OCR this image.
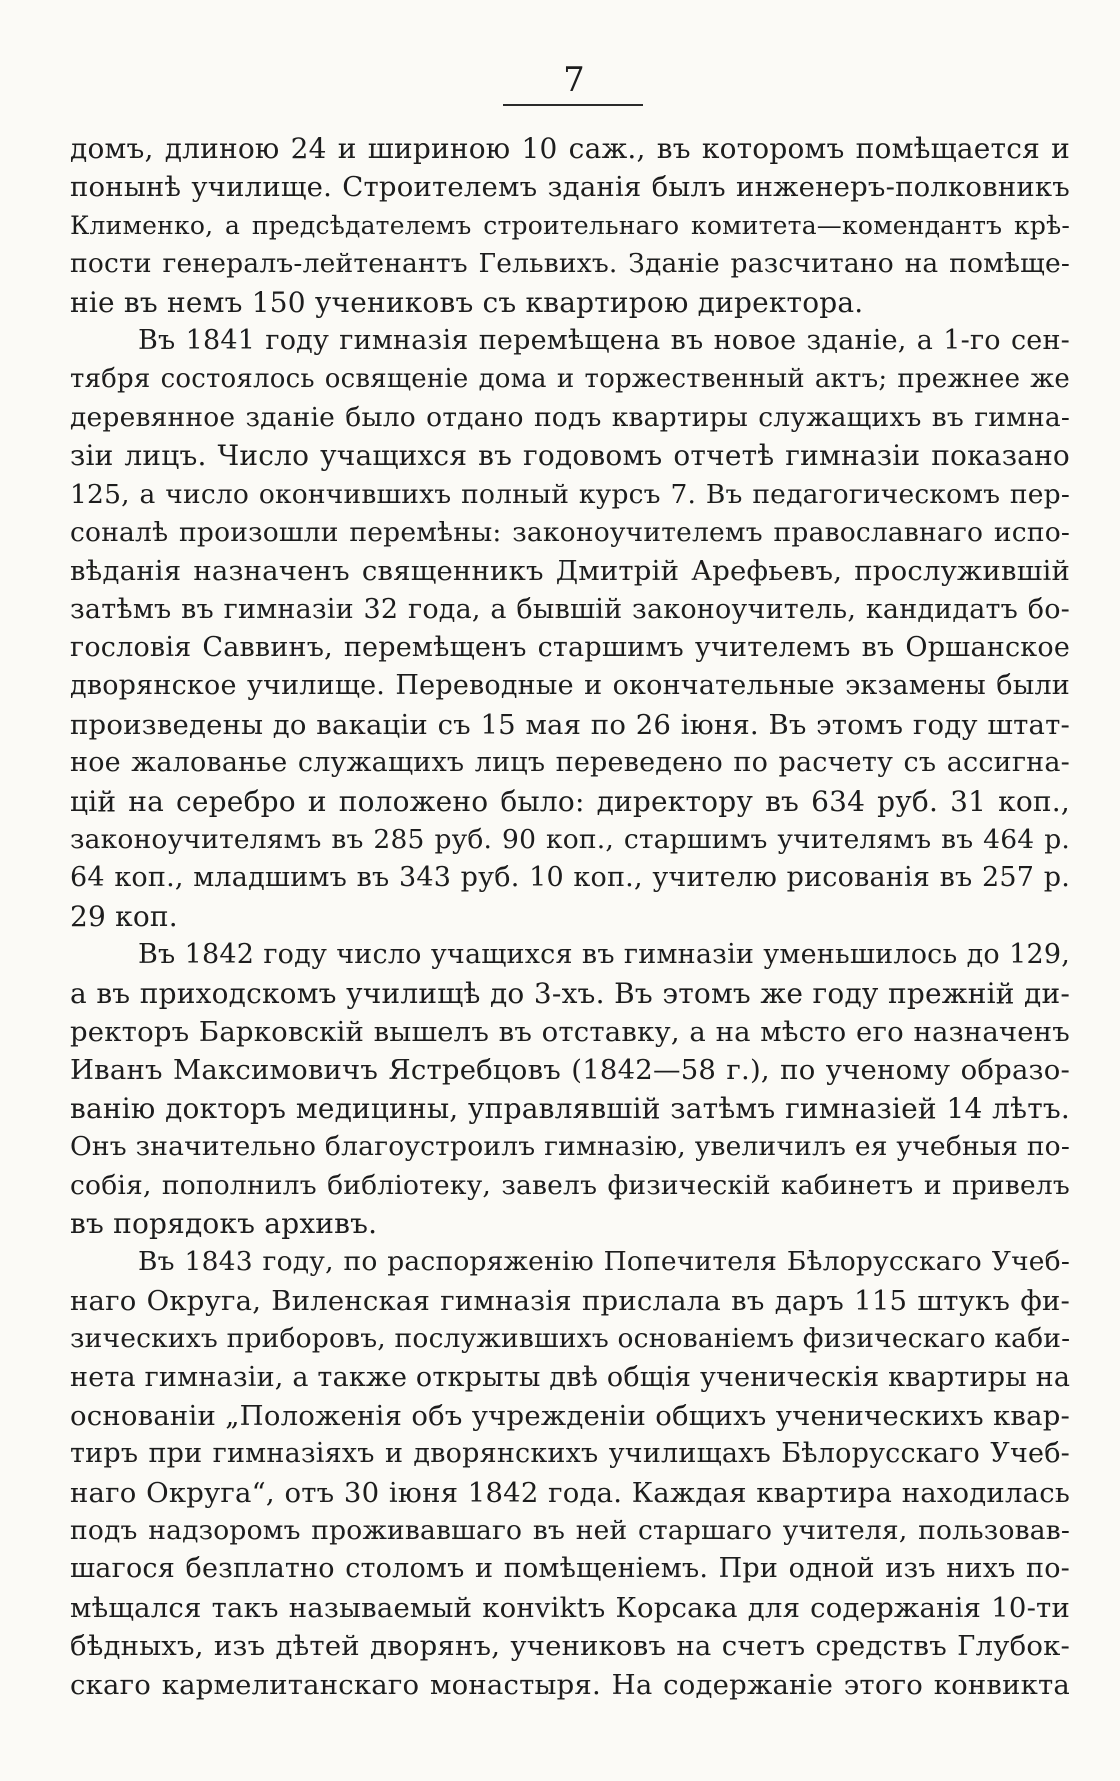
7
домъ, длиною 24 и шириною 10 саж., въ которомъ помѣщается и
понынѣ училище. Строителемъ зданія былъ инженеръ-полковникъ
Клименко, а предсѣдателемъ строительнаго комитета—комендантъ крѣ-
пости генералъ-лейтенантъ Гельвихъ. Зданіе разсчитано на помѣще-
ніе въ немъ 150 учениковъ съ квартирою директора.
Въ 1841 году гимназія перемѣщена въ новое зданіе, а 1-го сен-
тября состоялось освященіе дома и торжественный актъ; прежнее же
деревянное зданіе было отдано подъ квартиры служащихъ въ гимна-
зіи лицъ. Число учащихся въ годовомъ отчетѣ гимназіи показано
125, а число окончившихъ полный курсъ 7. Въ педагогическомъ пер-
соналѣ произошли перемѣны: законоучителемъ православнаго испо-
вѣданія назначенъ священникъ Дмитрій Арефьевъ, прослужившій
затѣмъ въ гимназіи 32 года, а бывшій законоучитель, кандидатъ бо-
гословія Саввинъ, перемѣщенъ старшимъ учителемъ въ Оршанское
дворянское училище. Переводные и окончательные экзамены были
произведены до вакаціи съ 15 мая по 26 іюня. Въ этомъ году штат-
ное жалованье служащихъ лицъ переведено по расчету съ ассигна-
цій на серебро и положено было: директору въ 634 руб. 31 коп.,
законоучителямъ въ 285 руб. 90 коп., старшимъ учителямъ въ 464 р.
64 коп., младшимъ въ 343 руб. 10 коп., учителю рисованія въ 257 р.
29 коп.
Въ 1842 году число учащихся въ гимназіи уменьшилось до 129,
а въ приходскомъ училищѣ до 3-хъ. Въ этомъ же году прежній ди-
ректоръ Барковскій вышелъ въ отставку, а на мѣсто его назначенъ
Иванъ Максимовичъ Ястребцовъ (1842—58 г.), по ученому образо-
ванію докторъ медицины, управлявшій затѣмъ гимназіей 14 лѣтъ.
Онъ значительно благоустроилъ гимназію, увеличилъ ея учебныя по-
собія, пополнилъ библіотеку, завелъ физическій кабинетъ и привелъ
въ порядокъ архивъ.
Въ 1843 году, по распоряженію Попечителя Бѣлорусскаго Учеб-
наго Округа, Виленская гимназія прислала въ даръ 115 штукъ фи-
зическихъ приборовъ, послужившихъ основаніемъ физическаго каби-
нета гимназіи, а также открыты двѣ общія ученическія квартиры на
основаніи „Положенія объ учрежденіи общихъ ученическихъ квар-
тиръ при гимназіяхъ и дворянскихъ училищахъ Бѣлорусскаго Учеб-
наго Округа“, отъ 30 іюня 1842 года. Каждая квартира находилась
подъ надзоромъ проживавшаго въ ней старшаго учителя, пользовав-
шагося безплатно столомъ и помѣщеніемъ. При одной изъ нихъ по-
мѣщался такъ называемый конviktъ Корсака для содержанія 10-ти
бѣдныхъ, изъ дѣтей дворянъ, учениковъ на счетъ средствъ Глубок-
скаго кармелитанскаго монастыря. На содержаніе этого конвикта
